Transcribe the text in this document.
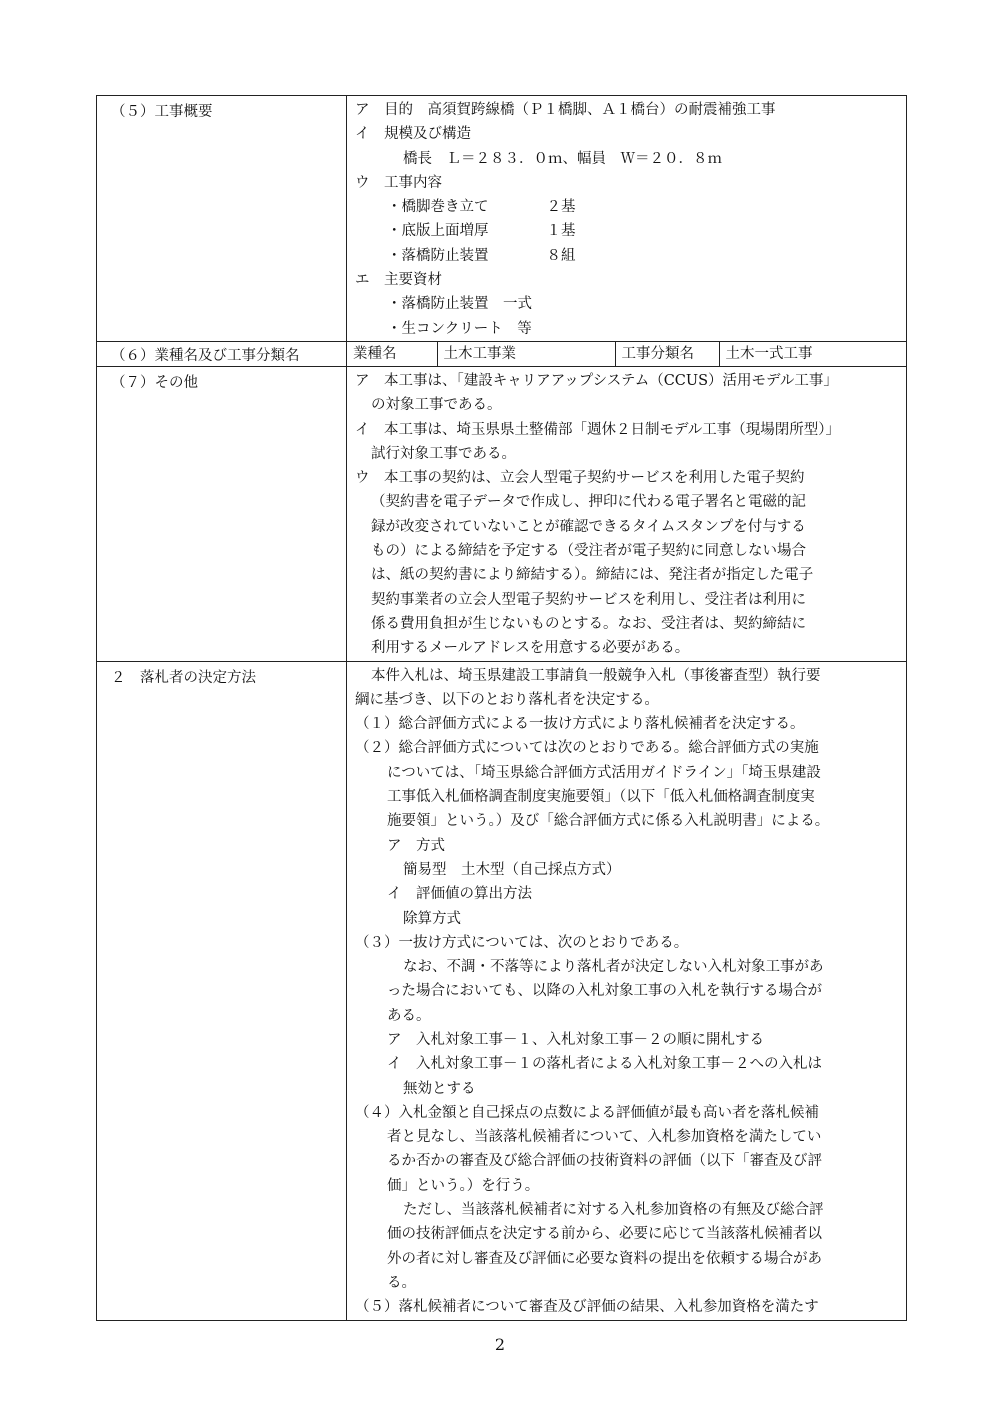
（５）工事概要	ア　目的　高須賀跨線橋（Ｐ１橋脚、Ａ１橋台）の耐震補強工事
イ　規模及び構造
橋長　Ｌ＝２８３．０ｍ、幅員　Ｗ＝２０．８ｍ
ウ　工事内容
・橋脚巻き立て　　　　２基
・底版上面増厚　　　　１基
・落橋防止装置　　　　８組
エ　主要資材
・落橋防止装置　一式
・生コンクリート　等

（６）業種名及び工事分類名		業種名	土木工事業	工事分類名	土木一式工事

（７）その他	ア　本工事は、「建設キャリアアップシステム（CCUS）活用モデル工事」
の対象工事である。
イ　本工事は、埼玉県県土整備部「週休２日制モデル工事（現場閉所型）」
試行対象工事である。
ウ　本工事の契約は、立会人型電子契約サービスを利用した電子契約
（契約書を電子データで作成し、押印に代わる電子署名と電磁的記
録が改変されていないことが確認できるタイムスタンプを付与する
もの）による締結を予定する（受注者が電子契約に同意しない場合
は、紙の契約書により締結する）。締結には、発注者が指定した電子
契約事業者の立会人型電子契約サービスを利用し、受注者は利用に
係る費用負担が生じないものとする。なお、受注者は、契約締結に
利用するメールアドレスを用意する必要がある。

２　落札者の決定方法	本件入札は、埼玉県建設工事請負一般競争入札（事後審査型）執行要
綱に基づき、以下のとおり落札者を決定する。
（１）総合評価方式による一抜け方式により落札候補者を決定する。
（２）総合評価方式については次のとおりである。総合評価方式の実施
については、「埼玉県総合評価方式活用ガイドライン」「埼玉県建設
工事低入札価格調査制度実施要領」（以下「低入札価格調査制度実
施要領」という。）及び「総合評価方式に係る入札説明書」による。
ア　方式
簡易型　土木型（自己採点方式）
イ　評価値の算出方法
除算方式
（３）一抜け方式については、次のとおりである。
なお、不調・不落等により落札者が決定しない入札対象工事があ
った場合においても、以降の入札対象工事の入札を執行する場合が
ある。
ア　入札対象工事－１、入札対象工事－２の順に開札する
イ　入札対象工事－１の落札者による入札対象工事－２への入札は
無効とする
（４）入札金額と自己採点の点数による評価値が最も高い者を落札候補
者と見なし、当該落札候補者について、入札参加資格を満たしてい
るか否かの審査及び総合評価の技術資料の評価（以下「審査及び評
価」という。）を行う。
ただし、当該落札候補者に対する入札参加資格の有無及び総合評
価の技術評価点を決定する前から、必要に応じて当該落札候補者以
外の者に対し審査及び評価に必要な資料の提出を依頼する場合があ
る。
（５）落札候補者について審査及び評価の結果、入札参加資格を満たす
2
